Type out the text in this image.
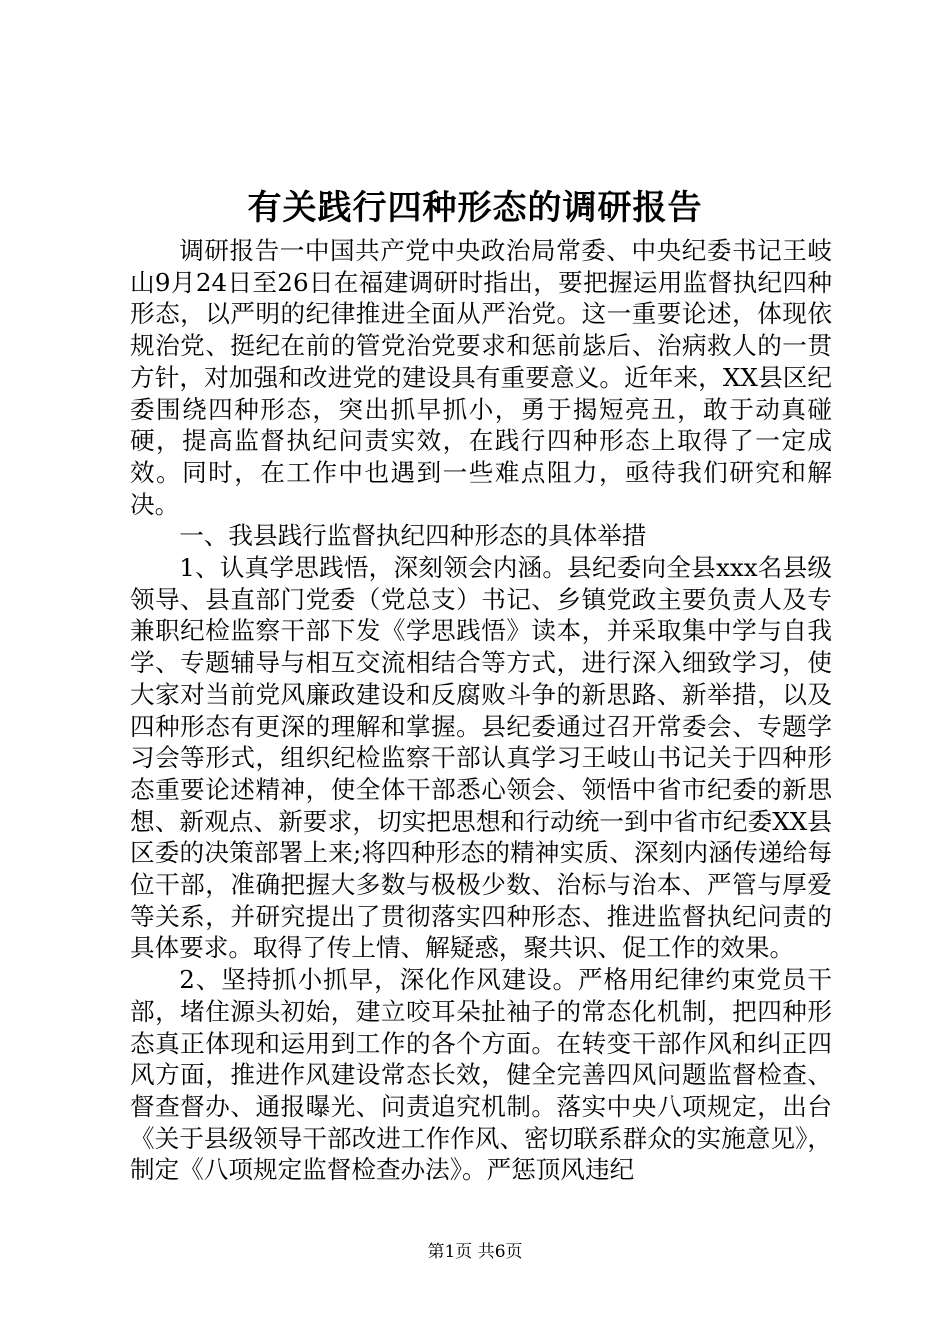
有关践行四种形态的调研报告

调研报告一中国共产党中央政治局常委、中央纪委书记王岐山9月24日至26日在福建调研时指出，要把握运用监督执纪四种形态，以严明的纪律推进全面从严治党。这一重要论述，体现依规治党、挺纪在前的管党治党要求和惩前毖后、治病救人的一贯方针，对加强和改进党的建设具有重要意义。近年来，XX县区纪委围绕四种形态，突出抓早抓小，勇于揭短亮丑，敢于动真碰硬，提高监督执纪问责实效，在践行四种形态上取得了一定成效。同时，在工作中也遇到一些难点阻力，亟待我们研究和解决。

一、我县践行监督执纪四种形态的具体举措

1、认真学思践悟，深刻领会内涵。县纪委向全县xxx名县级领导、县直部门党委（党总支）书记、乡镇党政主要负责人及专兼职纪检监察干部下发《学思践悟》读本，并采取集中学与自我学、专题辅导与相互交流相结合等方式，进行深入细致学习，使大家对当前党风廉政建设和反腐败斗争的新思路、新举措，以及四种形态有更深的理解和掌握。县纪委通过召开常委会、专题学习会等形式，组织纪检监察干部认真学习王岐山书记关于四种形态重要论述精神，使全体干部悉心领会、领悟中省市纪委的新思想、新观点、新要求，切实把思想和行动统一到中省市纪委XX县区委的决策部署上来;将四种形态的精神实质、深刻内涵传递给每位干部，准确把握大多数与极极少数、治标与治本、严管与厚爱等关系，并研究提出了贯彻落实四种形态、推进监督执纪问责的具体要求。取得了传上情、解疑惑，聚共识、促工作的效果。

2、坚持抓小抓早，深化作风建设。严格用纪律约束党员干部，堵住源头初始，建立咬耳朵扯袖子的常态化机制，把四种形态真正体现和运用到工作的各个方面。在转变干部作风和纠正四风方面，推进作风建设常态长效，健全完善四风问题监督检查、督查督办、通报曝光、问责追究机制。落实中央八项规定，出台《关于县级领导干部改进工作作风、密切联系群众的实施意见》，制定《八项规定监督检查办法》。严惩顶风违纪

第1页 共6页
